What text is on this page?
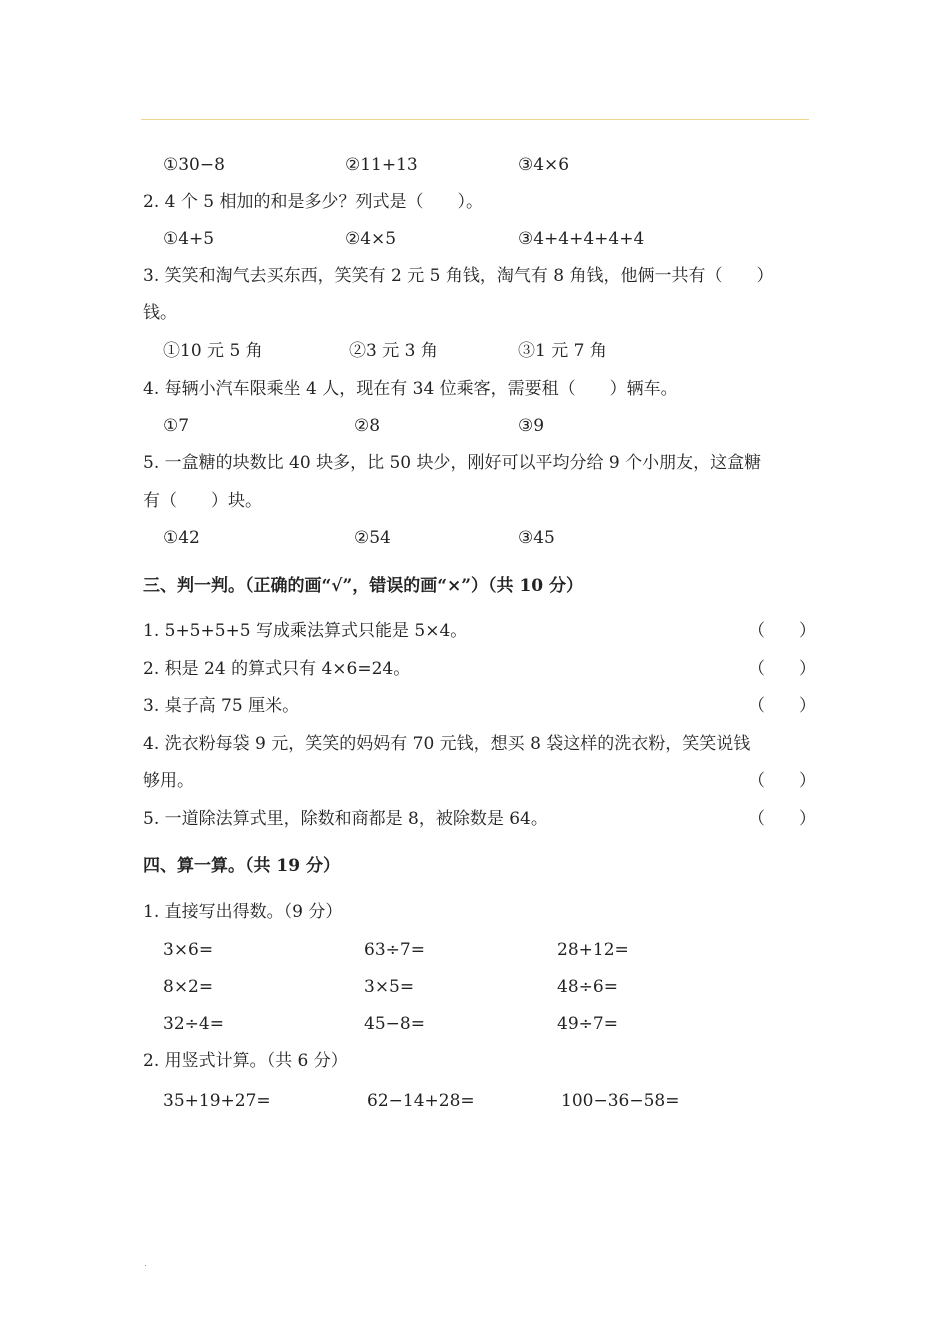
①30−8	②11+13	③4×6
2. 4 个 5 相加的和是多少？列式是（　　）。
①4+5	②4×5	③4+4+4+4+4
3. 笑笑和淘气去买东西，笑笑有 2 元 5 角钱，淘气有 8 角钱，他俩一共有（　　）
钱。
①10 元 5 角	②3 元 3 角	③1 元 7 角
4. 每辆小汽车限乘坐 4 人，现在有 34 位乘客，需要租（　　）辆车。
①7	②8	③9
5. 一盒糖的块数比 40 块多，比 50 块少，刚好可以平均分给 9 个小朋友，这盒糖
有（　　）块。
①42	②54	③45
三、判一判。（正确的画“√”，错误的画“×”）（共 10 分）
1. 5+5+5+5 写成乘法算式只能是 5×4。	（　　）
2. 积是 24 的算式只有 4×6=24。	（　　）
3. 桌子高 75 厘米。	（　　）
4. 洗衣粉每袋 9 元，笑笑的妈妈有 70 元钱，想买 8 袋这样的洗衣粉，笑笑说钱
够用。	（　　）
5. 一道除法算式里，除数和商都是 8，被除数是 64。	（　　）
四、算一算。（共 19 分）
1. 直接写出得数。（9 分）
3×6=	63÷7=	28+12=
8×2=	3×5=	48÷6=
32÷4=	45−8=	49÷7=
2. 用竖式计算。（共 6 分）
35+19+27=	62−14+28=	100−36−58=
